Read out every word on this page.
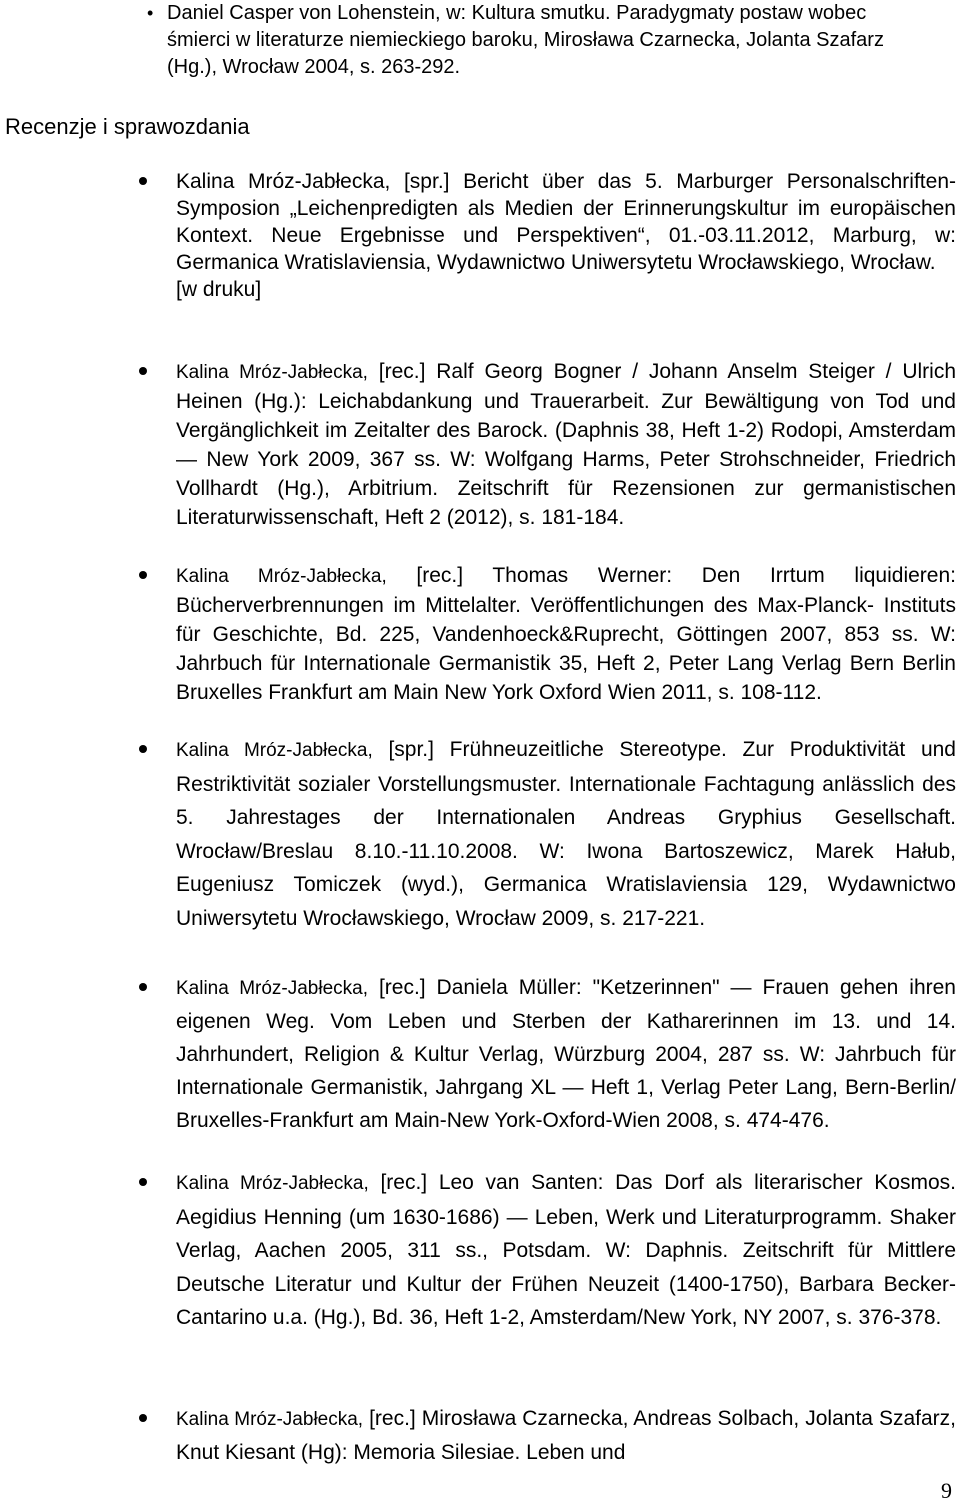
• Daniel Casper von Lohenstein, w: Kultura smutku. Paradygmaty postaw wobec śmierci w literaturze niemieckiego baroku, Mirosława Czarnecka, Jolanta Szafarz (Hg.), Wrocław 2004, s. 263-292.
Recenzje i sprawozdania
Kalina Mróz-Jabłecka, [spr.] Bericht über das 5. Marburger Personalschriften-Symposion „Leichenpredigten als Medien der Erinnerungskultur im europäischen Kontext. Neue Ergebnisse und Perspektiven“, 01.-03.11.2012, Marburg, w: Germanica Wratislaviensia, Wydawnictwo Uniwersytetu Wrocławskiego, Wrocław.
[w druku]
Kalina Mróz-Jabłecka, [rec.] Ralf Georg Bogner / Johann Anselm Steiger / Ulrich Heinen (Hg.): Leichabdankung und Trauerarbeit. Zur Bewältigung von Tod und Vergänglichkeit im Zeitalter des Barock. (Daphnis 38, Heft 1-2) Rodopi, Amsterdam — New York 2009, 367 ss. W: Wolfgang Harms, Peter Strohschneider, Friedrich Vollhardt (Hg.), Arbitrium. Zeitschrift für Rezensionen zur germanistischen Literaturwissenschaft, Heft 2 (2012), s. 181-184.
Kalina Mróz-Jabłecka, [rec.] Thomas Werner: Den Irrtum liquidieren: Bücherverbrennungen im Mittelalter. Veröffentlichungen des Max-Planck- Instituts für Geschichte, Bd. 225, Vandenhoeck&Ruprecht, Göttingen 2007, 853 ss. W: Jahrbuch für Internationale Germanistik 35, Heft 2, Peter Lang Verlag Bern Berlin Bruxelles Frankfurt am Main New York Oxford Wien 2011, s. 108-112.
Kalina Mróz-Jabłecka, [spr.] Frühneuzeitliche Stereotype. Zur Produktivität und Restriktivität sozialer Vorstellungsmuster. Internationale Fachtagung anlässlich des 5. Jahrestages der Internationalen Andreas Gryphius Gesellschaft. Wrocław/Breslau 8.10.-11.10.2008. W: Iwona Bartoszewicz, Marek Hałub, Eugeniusz Tomiczek (wyd.), Germanica Wratislaviensia 129, Wydawnictwo Uniwersytetu Wrocławskiego, Wrocław 2009, s. 217-221.
Kalina Mróz-Jabłecka, [rec.] Daniela Müller: "Ketzerinnen" — Frauen gehen ihren eigenen Weg. Vom Leben und Sterben der Katharerinnen im 13. und 14. Jahrhundert, Religion & Kultur Verlag, Würzburg 2004, 287 ss. W: Jahrbuch für Internationale Germanistik, Jahrgang XL — Heft 1, Verlag Peter Lang, Bern-Berlin/ Bruxelles-Frankfurt am Main-New York-Oxford-Wien 2008, s. 474-476.
Kalina Mróz-Jabłecka, [rec.] Leo van Santen: Das Dorf als literarischer Kosmos. Aegidius Henning (um 1630-1686) — Leben, Werk und Literaturprogramm. Shaker Verlag, Aachen 2005, 311 ss., Potsdam. W: Daphnis. Zeitschrift für Mittlere Deutsche Literatur und Kultur der Frühen Neuzeit (1400-1750), Barbara Becker-Cantarino u.a. (Hg.), Bd. 36, Heft 1-2, Amsterdam/New York, NY 2007, s. 376-378.
Kalina Mróz-Jabłecka, [rec.] Mirosława Czarnecka, Andreas Solbach, Jolanta Szafarz, Knut Kiesant (Hg): Memoria Silesiae. Leben und
9
